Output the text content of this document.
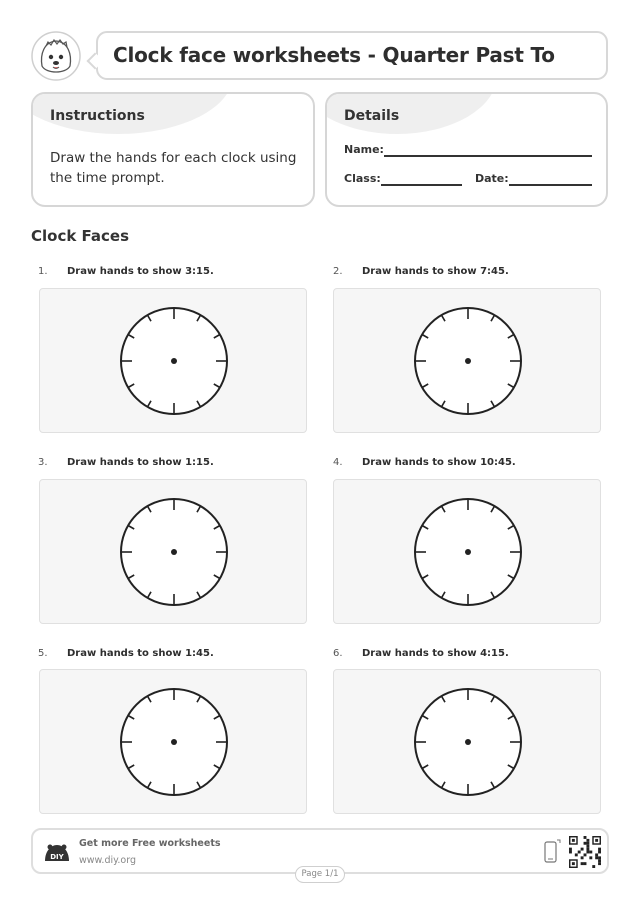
Clock face worksheets - Quarter Past To
Instructions
Draw the hands for each clock using the time prompt.
Details
Name:
Class:	Date:
Clock Faces
1. Draw hands to show 3:15.	2. Draw hands to show 7:45.
3. Draw hands to show 1:15.	4. Draw hands to show 10:45.
5. Draw hands to show 1:45.	6. Draw hands to show 4:15.
DIY
Get more Free worksheets
www.diy.org
Page 1/1
